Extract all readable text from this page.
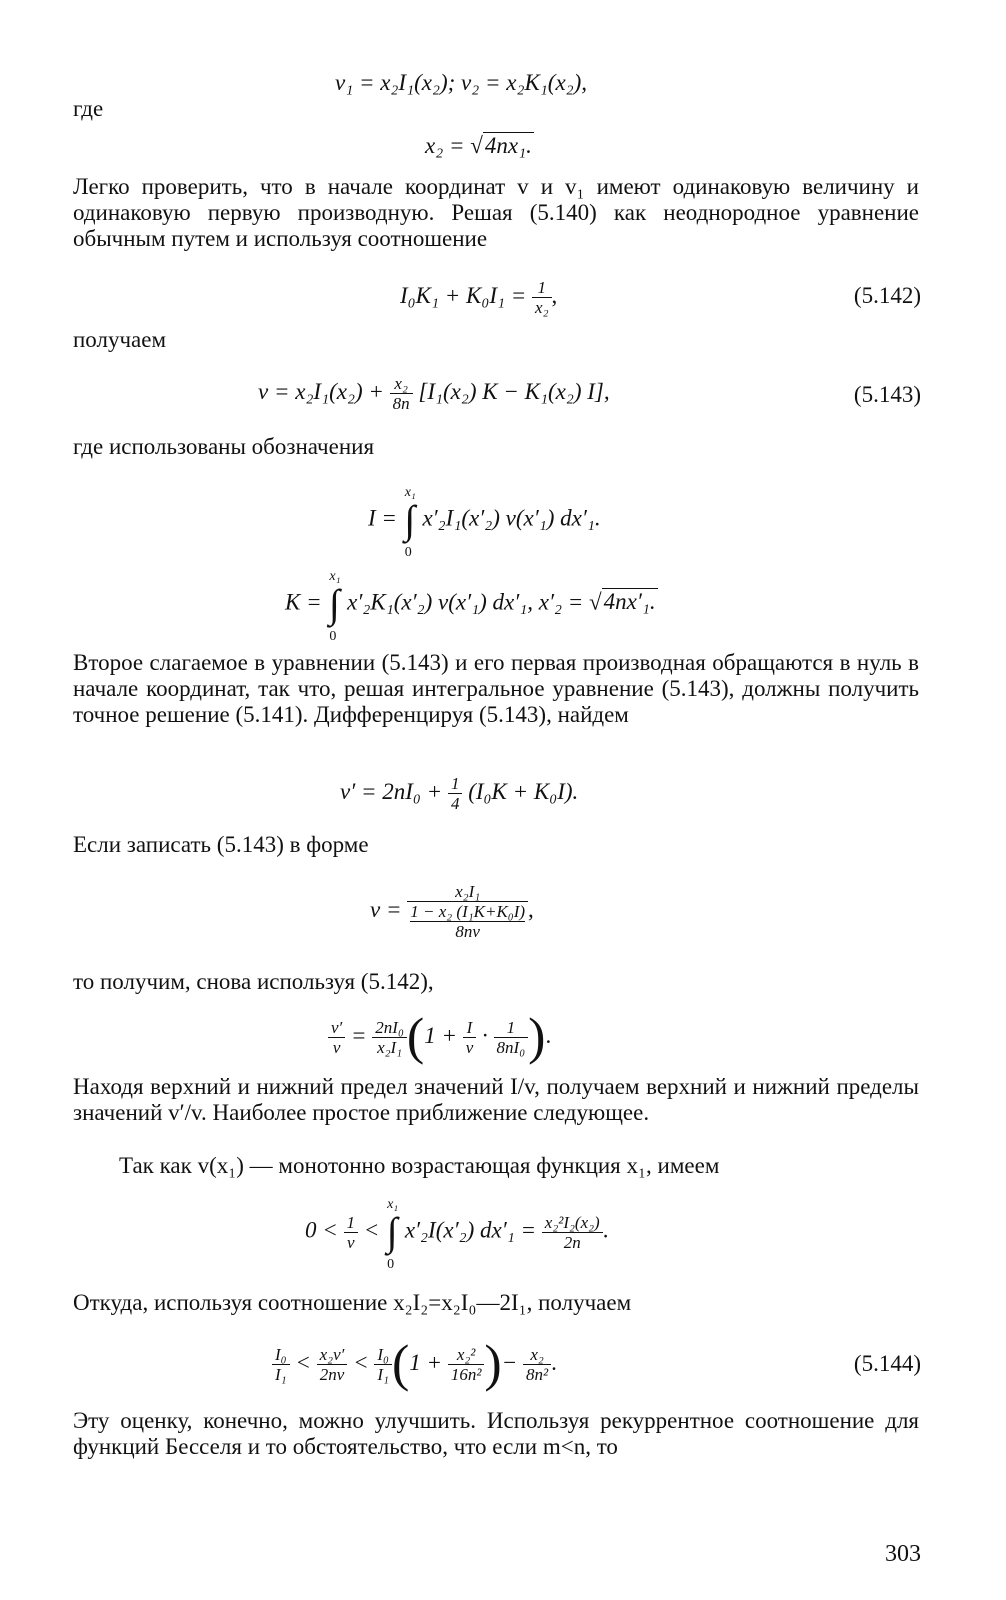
v₁ = x₂I₁(x₂); v₂ = x₂K₁(x₂),
где
x₂ = √4nx₁.
Легко проверить, что в начале координат v и v₁ имеют одинаковую величину и одинаковую первую производную. Решая (5.140) как неоднородное уравнение обычным путем и используя соотношение
$I_0K_1 + K_0I_1 = \frac{1}{\text{x₂}}$ ,	(5.142)
получаем
$v = x_2I_1(x_2) + \frac{\text{x₂}}{8n} [I_1(x_2) K - K_1(x_2)$ I],	(5.143)
где использованы обозначения
I =
x₁
∫
0
x′₂I₁(x′₂) v(x′₁) dx′₁.
K =
x₁
∫
0
x′₂K₁(x′₂) v(x′₁) dx′₁, x′₂ = √4nx′₁.
Второе слагаемое в уравнении (5.143) и его первая производная обращаются в нуль в начале координат, так что, решая интегральное уравнение (5.143), должны получить точное решение (5.141). Дифференцируя (5.143), найдем
$v' = 2nI_0 + \frac{1}{4} (I_0K + K_0I)$.
Если записать (5.143) в форме
v = x₂I₁
1 − x₂ (I₁K+K₀I)
8nv ,
то получим, снова используя (5.142),
$\frac{v'}{v} = \frac{\text{2nI₀}}{\text{x₂I₁}} (1 + \frac{I}{v} \cdot \frac{1}{\text{8nI₀}}$ ).
Находя верхний и нижний предел значений I/v, получаем верхний и нижний пределы значений v′/v. Наиболее простое приближение следующее.
Так как v(x₁) — монотонно возрастающая функция x₁, имеем
$0 < \frac{1}{v}$ <
x₁
∫
0
x′₂I(x′₂) $dx'_1 = \frac{\text{x₂²I₂(x₂)}}{2n}$ .
Откуда, используя соотношение x₂I₂=x₂I₀—2I₁, получаем
$\frac{\text{I₀}}{\text{I₁}} < \frac{\text{x₂v′}}{2nv} < \frac{\text{I₀}}{\text{I₁}} (1 + \frac{\text{x₂²}}{\text{16n²}}$ )− $\frac{\text{x₂}}{\text{8n²}}$ .	(5.144)
Эту оценку, конечно, можно улучшить. Используя рекуррентное соотношение для функций Бесселя и то обстоятельство, что если m<n, то
303
